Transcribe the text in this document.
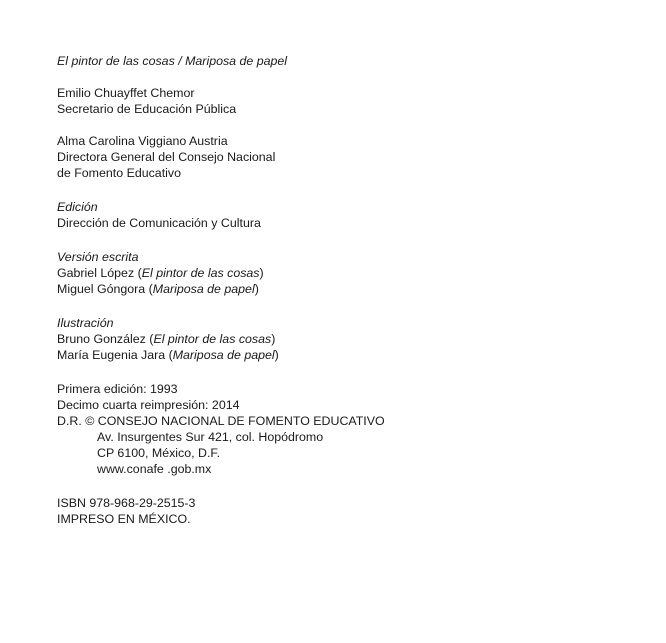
El pintor de las cosas / Mariposa de papel
Emilio Chuayffet Chemor
Secretario de Educación Pública
Alma Carolina Viggiano Austria
Directora General del Consejo Nacional
de Fomento Educativo
Edición
Dirección de Comunicación y Cultura
Versión escrita
Gabriel López (El pintor de las cosas)
Miguel Góngora (Mariposa de papel)
Ilustración
Bruno González (El pintor de las cosas)
María Eugenia Jara (Mariposa de papel)
Primera edición: 1993
Decimo cuarta reimpresión: 2014
D.R. © CONSEJO NACIONAL DE FOMENTO EDUCATIVO
Av. Insurgentes Sur 421, col. Hopódromo
CP 6100, México, D.F.
www.conafe .gob.mx
ISBN 978-968-29-2515-3
IMPRESO EN MÉXICO.
